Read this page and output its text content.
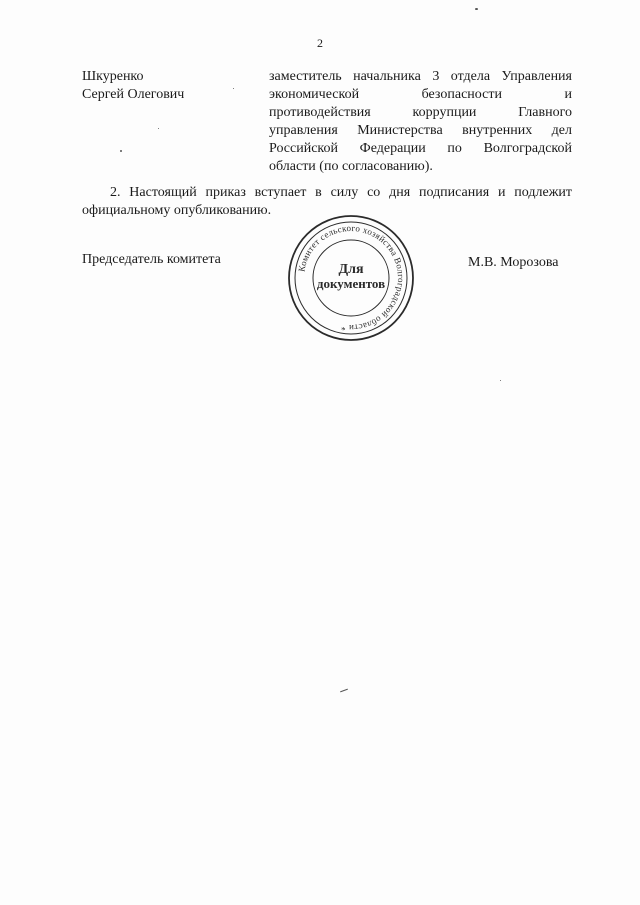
2
Шкуренко
Сергей Олегович
заместитель начальника 3 отдела Управления
экономической безопасности и
противодействия коррупции Главного
управления Министерства внутренних дел
Российской Федерации по Волгоградской
области (по согласованию).
2. Настоящий приказ вступает в силу со дня подписания и подлежит
официальному опубликованию.
Председатель комитета
Комитет сельского хозяйства Волгоградской области *
Для
документов
М.В. Морозова
